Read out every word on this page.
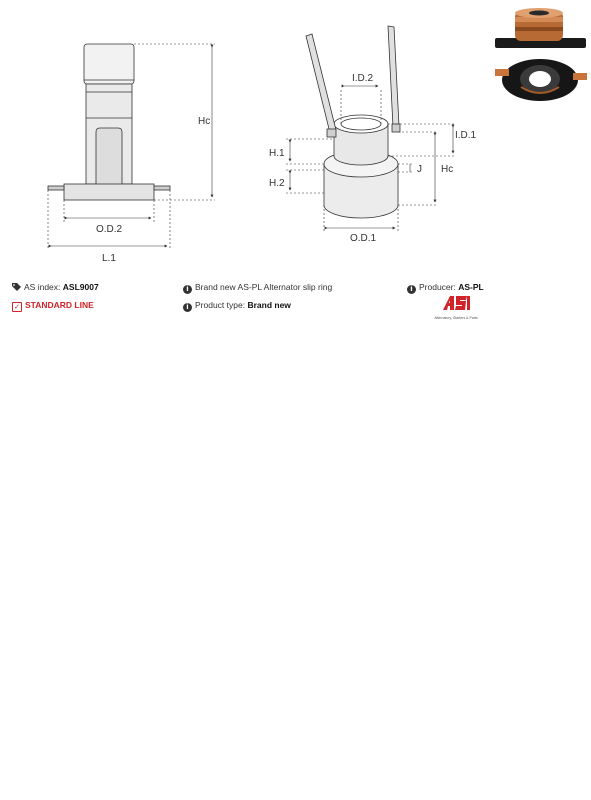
Hc
O.D.2
L.1
I.D.2
I.D.1
H.1
H.2
J Hc
O.D.1
AS index: ASL9007	i Brand new AS-PL Alternator slip ring	i Producer: AS-PL
✓ STANDARD LINE	i Product type: Brand new
Alternatory, Starters & Parts
